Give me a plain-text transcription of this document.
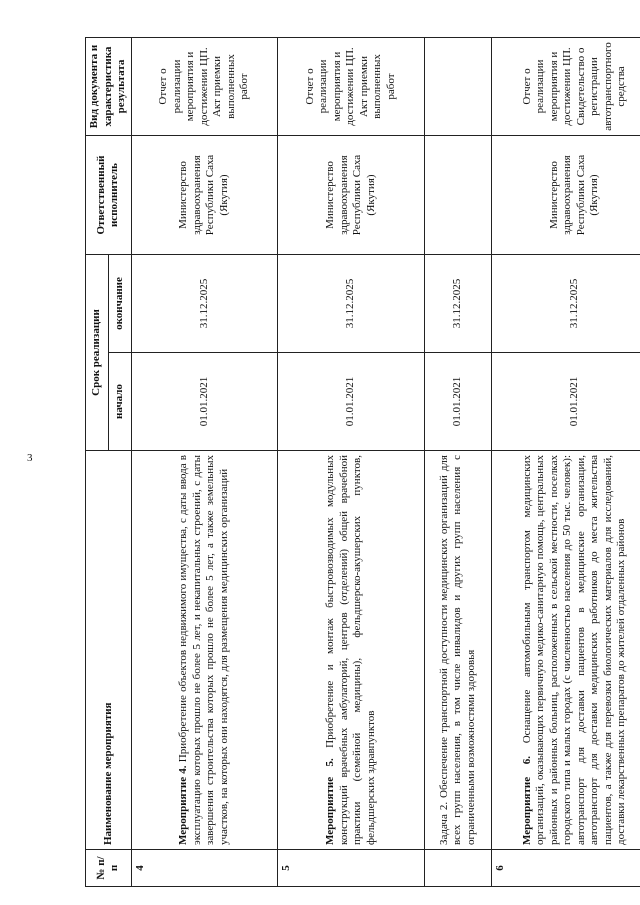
3
№ п/п	Наименование мероприятия	Срок реализации		Ответственный исполнитель	Вид документа и характеристика результата
		начало	окончание		
4	Мероприятие 4. Приобретение объектов недвижимого имущества, с даты ввода в эксплуатацию которых прошло не более 5 лет, и некапитальных строений, с даты завершения строительства которых прошло не более 5 лет, а также земельных участков, на которых они находятся, для размещения медицинских организаций	01.01.2021	31.12.2025	Министерство здравоохранения Республики Саха (Якутия)	Отчет о реализации мероприятия и достижении ЦП. Акт приемки выполненных работ
5	Мероприятие 5. Приобретение и монтаж быстровозводимых модульных конструкций врачебных амбулаторий, центров (отделений) общей врачебной практики (семейной медицины), фельдшерско-акушерских пунктов, фельдшерских здравпунктов	01.01.2021	31.12.2025	Министерство здравоохранения Республики Саха (Якутия)	Отчет о реализации мероприятия и достижении ЦП. Акт приемки выполненных работ
	Задача 2. Обеспечение транспортной доступности медицинских организаций для всех групп населения, в том числе инвалидов и других групп населения с ограниченными возможностями здоровья	01.01.2021	31.12.2025		
6	Мероприятие 6. Оснащение автомобильным транспортом медицинских организаций, оказывающих первичную медико-санитарную помощь, центральных районных и районных больниц, расположенных в сельской местности, поселках городского типа и малых городах (с численностью населения до 50 тыс. человек): автотранспорт для доставки пациентов в медицинские организации, автотранспорт для доставки медицинских работников до места жительства пациентов, а также для перевозки биологических материалов для исследований, доставки лекарственных препаратов до жителей отдаленных районов	01.01.2021	31.12.2025	Министерство здравоохранения Республики Саха (Якутия)	Отчет о реализации мероприятия и достижении ЦП. Свидетельство о регистрации автотранспортного средства
